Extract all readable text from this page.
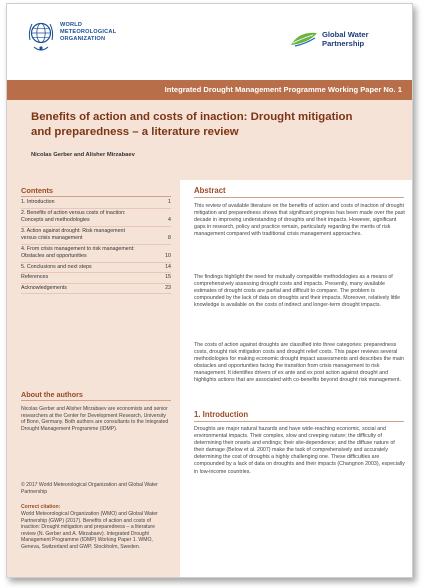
WORLD
METEOROLOGICAL
ORGANIZATION	Global Water
Partnership
Integrated Drought Management Programme Working Paper No. 1
Benefits of action and costs of inaction: Drought mitigation
and preparedness – a literature review
Nicolas Gerber and Alisher Mirzabaev
Contents
1. Introduction	1
2. Benefits of action versus costs of inaction:
Concepts and methodologies	4
3. Action against drought: Risk management
versus crisis management	8
4. From crisis management to risk management:
Obstacles and opportunities	10
5. Conclusions and next steps	14
References	15
Acknowledgements	23
About the authors
Nicolas Gerber and Alisher Mirzabaev are economists and senior researchers at the Center for Development Research, University of Bonn, Germany. Both authors are consultants to the Integrated Drought Management Programme (IDMP).
© 2017 World Meteorological Organization and Global Water Partnership
Correct citation:
World Meteorological Organization (WMO) and Global Water Partnership (GWP) (2017). Benefits of action and costs of inaction: Drought mitigation and preparedness – a literature review (N. Gerber and A. Mirzabaev). Integrated Drought Management Programme (IDMP) Working Paper 1. WMO, Geneva, Switzerland and GWP, Stockholm, Sweden.
Abstract
This review of available literature on the benefits of action and costs of inaction of drought mitigation and preparedness shows that significant progress has been made over the past decade in improving understanding of droughts and their impacts. However, significant gaps in research, policy and practice remain, particularly regarding the merits of risk management compared with traditional crisis management approaches.
The findings highlight the need for mutually compatible methodologies as a means of comprehensively assessing drought costs and impacts. Presently, many available estimates of drought costs are partial and difficult to compare. The problem is compounded by the lack of data on droughts and their impacts. Moreover, relatively little knowledge is available on the costs of indirect and longer-term drought impacts.
The costs of action against droughts are classified into three categories: preparedness costs, drought risk mitigation costs and drought relief costs. This paper reviews several methodologies for making economic drought impact assessments and describes the main obstacles and opportunities facing the transition from crisis management to risk management. It identifies drivers of ex ante and ex post action against drought and highlights actions that are associated with co-benefits beyond drought risk management.
1. Introduction
Droughts are major natural hazards and have wide-reaching economic, social and environmental impacts. Their complex, slow and creeping nature; the difficulty of determining their onsets and endings; their site-dependence; and the diffuse nature of their damage (Below et al. 2007) make the task of comprehensively and accurately determining the cost of droughts a highly challenging one. These difficulties are compounded by a lack of data on droughts and their impacts (Changnon 2003), especially in low-income countries.
